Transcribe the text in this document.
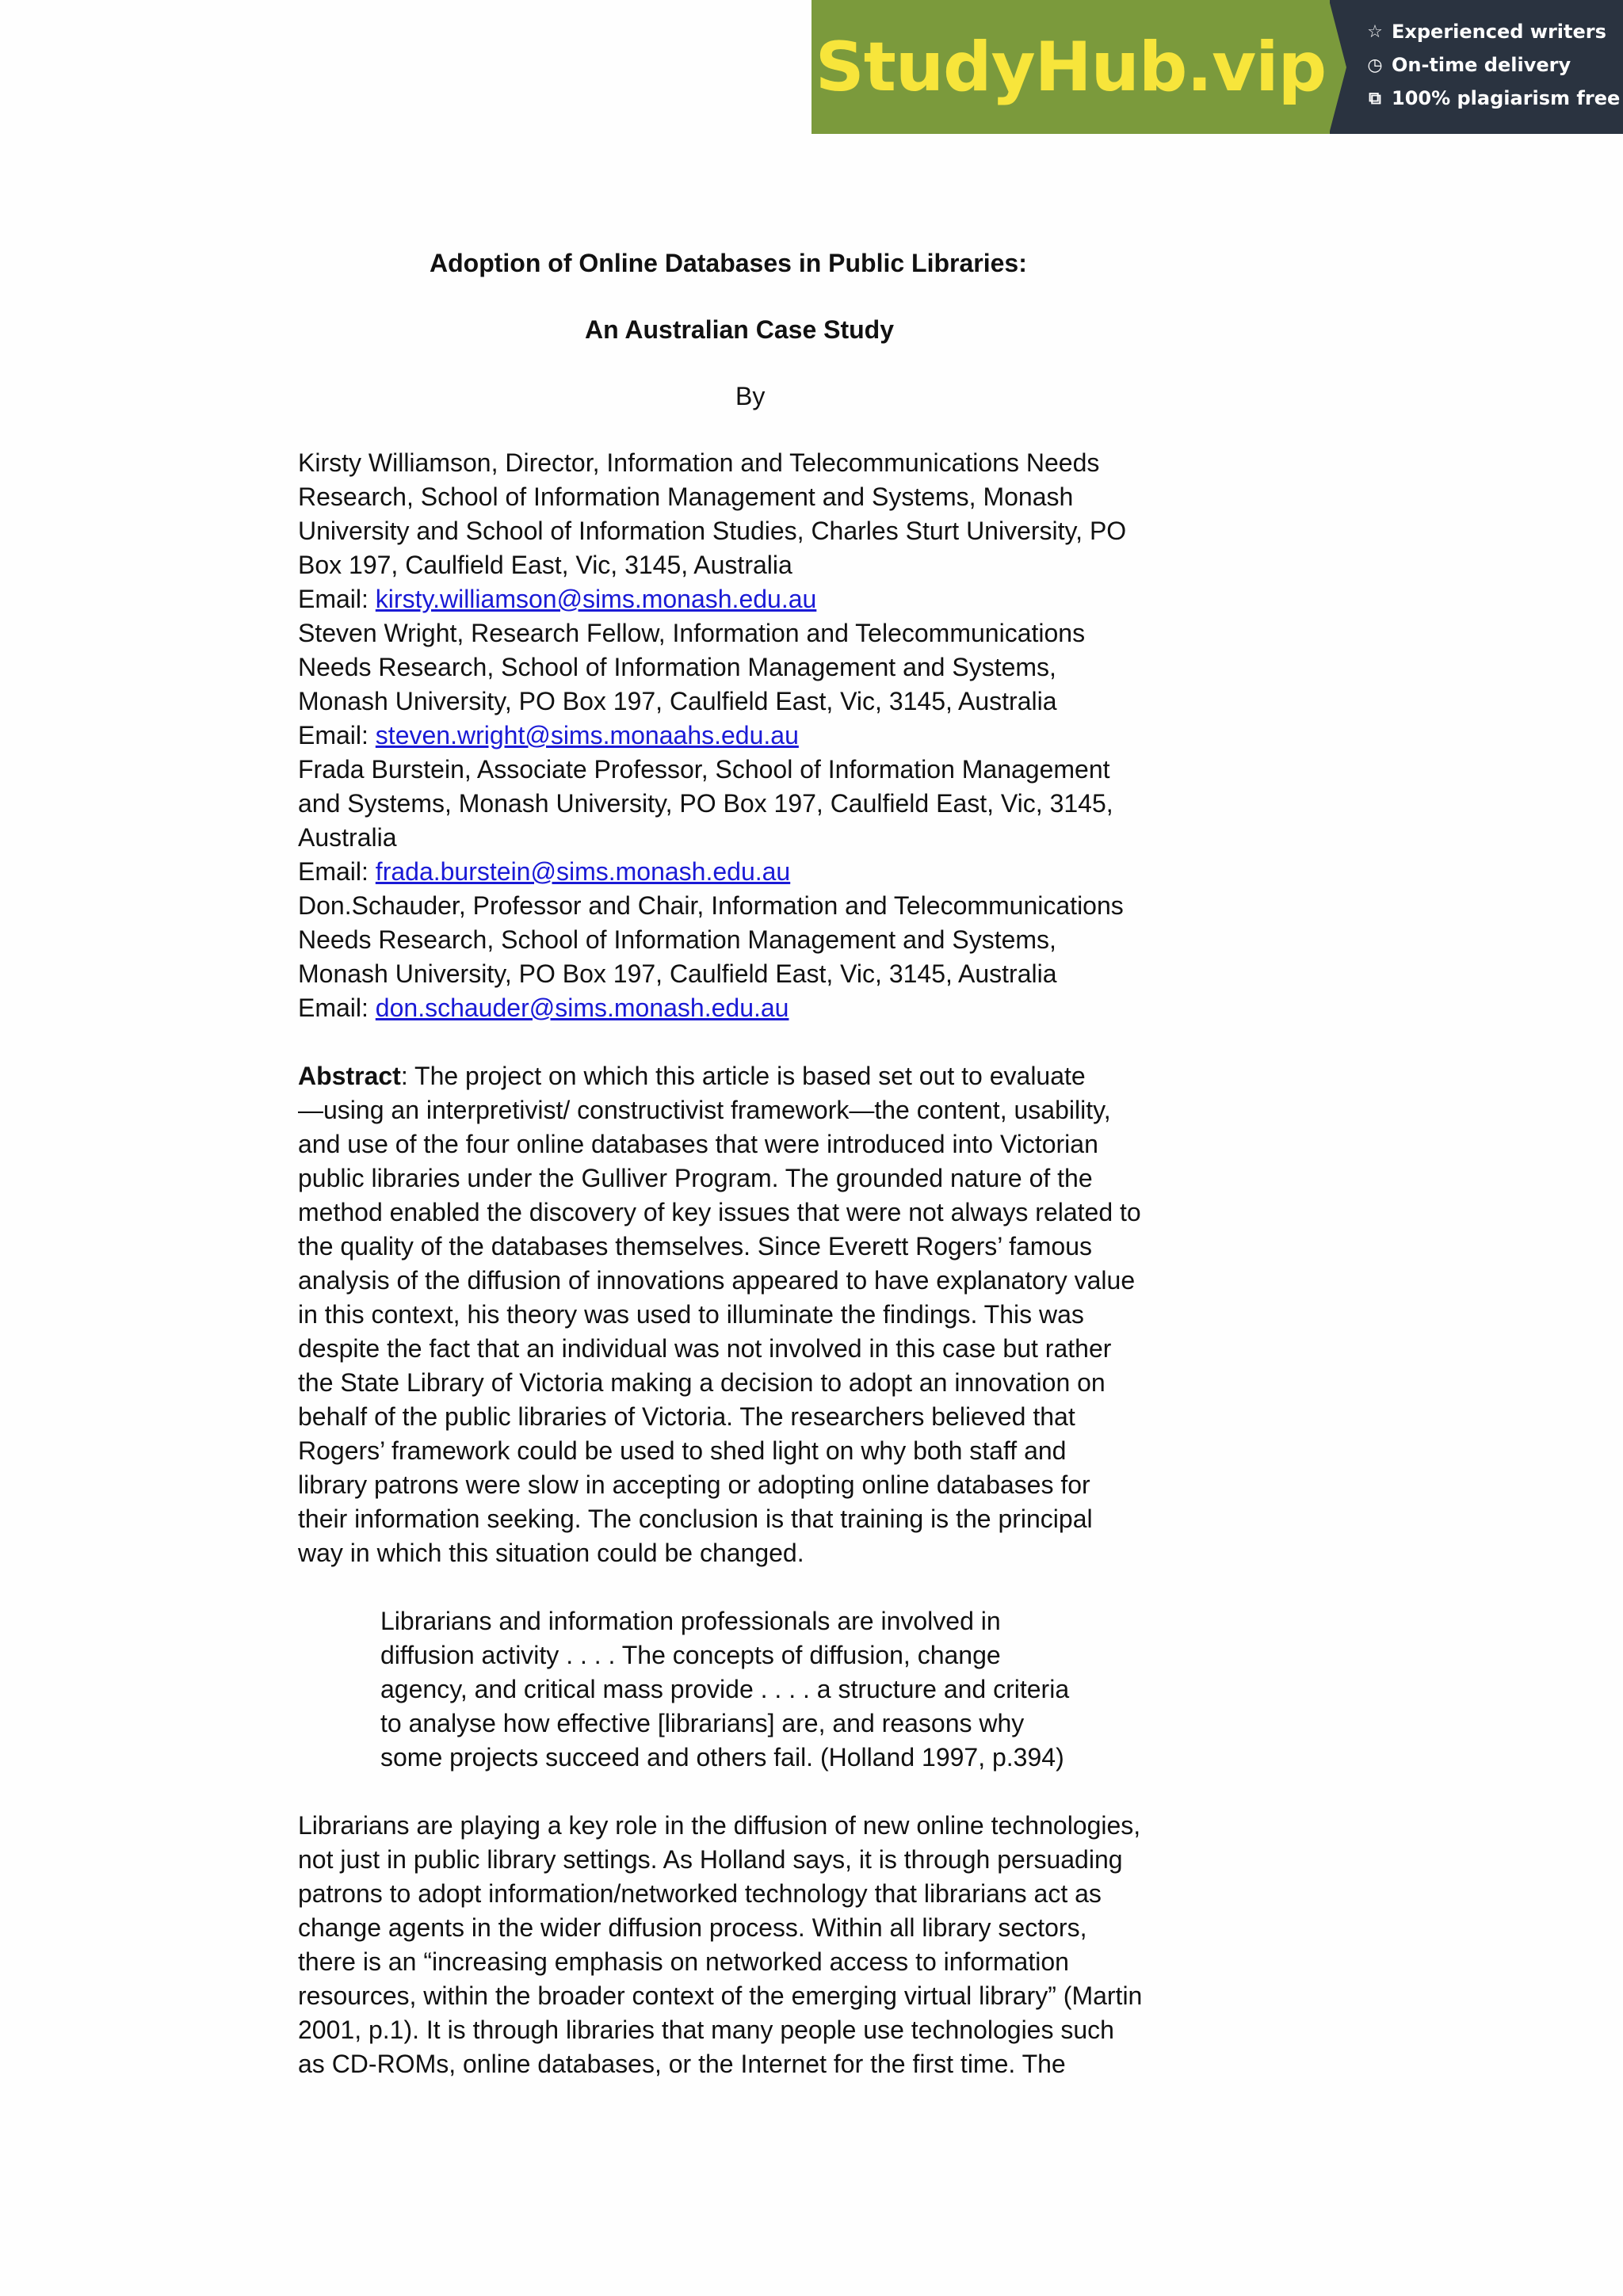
StudyHub.vip ☆ Experienced writers
◷ On-time delivery
⧉ 100% plagiarism free
Adoption of Online Databases in Public Libraries:
An Australian Case Study
By
Kirsty Williamson, Director, Information and Telecommunications Needs
Research, School of Information Management and Systems, Monash
University and School of Information Studies, Charles Sturt University, PO
Box 197, Caulfield East, Vic, 3145, Australia
Email: kirsty.williamson@sims.monash.edu.au
Steven Wright, Research Fellow, Information and Telecommunications
Needs Research, School of Information Management and Systems,
Monash University, PO Box 197, Caulfield East, Vic, 3145, Australia
Email: steven.wright@sims.monaahs.edu.au
Frada Burstein, Associate Professor, School of Information Management
and Systems, Monash University, PO Box 197, Caulfield East, Vic, 3145,
Australia
Email: frada.burstein@sims.monash.edu.au
Don.Schauder, Professor and Chair, Information and Telecommunications
Needs Research, School of Information Management and Systems,
Monash University, PO Box 197, Caulfield East, Vic, 3145, Australia
Email: don.schauder@sims.monash.edu.au
Abstract: The project on which this article is based set out to evaluate
—using an interpretivist/ constructivist framework—the content, usability,
and use of the four online databases that were introduced into Victorian
public libraries under the Gulliver Program. The grounded nature of the
method enabled the discovery of key issues that were not always related to
the quality of the databases themselves. Since Everett Rogers’ famous
analysis of the diffusion of innovations appeared to have explanatory value
in this context, his theory was used to illuminate the findings. This was
despite the fact that an individual was not involved in this case but rather
the State Library of Victoria making a decision to adopt an innovation on
behalf of the public libraries of Victoria. The researchers believed that
Rogers’ framework could be used to shed light on why both staff and
library patrons were slow in accepting or adopting online databases for
their information seeking. The conclusion is that training is the principal
way in which this situation could be changed.
Librarians and information professionals are involved in
diffusion activity . . . . The concepts of diffusion, change
agency, and critical mass provide . . . . a structure and criteria
to analyse how effective [librarians] are, and reasons why
some projects succeed and others fail. (Holland 1997, p.394)
Librarians are playing a key role in the diffusion of new online technologies,
not just in public library settings. As Holland says, it is through persuading
patrons to adopt information/networked technology that librarians act as
change agents in the wider diffusion process. Within all library sectors,
there is an “increasing emphasis on networked access to information
resources, within the broader context of the emerging virtual library” (Martin
2001, p.1). It is through libraries that many people use technologies such
as CD-ROMs, online databases, or the Internet for the first time. The
